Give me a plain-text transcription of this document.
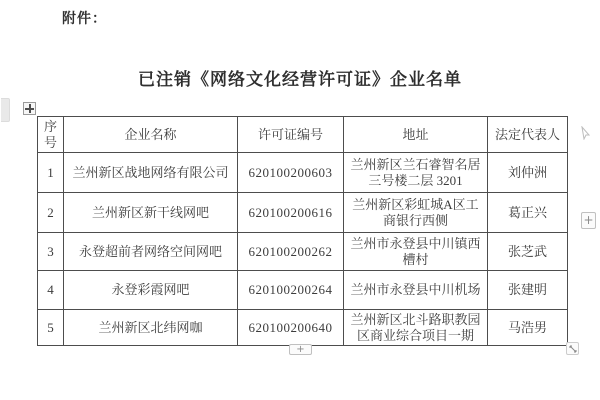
附件：
已注销《网络文化经营许可证》企业名单
序号	企业名称	许可证编号	地址	法定代表人
1	兰州新区战地网络有限公司	620100200603	兰州新区兰石睿智名居三号楼二层 3201	刘仲洲
2	兰州新区新干线网吧	620100200616	兰州新区彩虹城A区工商银行西侧	葛正兴
3	永登超前者网络空间网吧	620100200262	兰州市永登县中川镇西槽村	张芝武
4	永登彩霞网吧	620100200264	兰州市永登县中川机场	张建明
5	兰州新区北纬网咖	620100200640	兰州新区北斗路职教园区商业综合项目一期	马浩男
+
+
